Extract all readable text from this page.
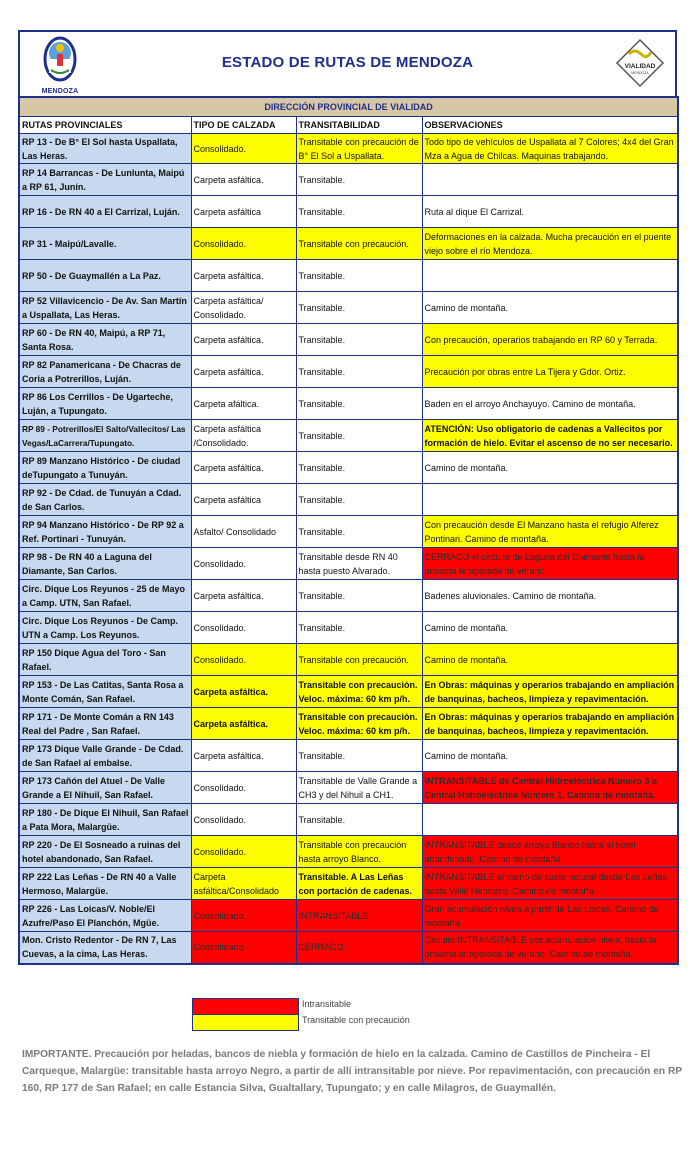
MENDOZA
ESTADO DE RUTAS DE MENDOZA	VIALIDAD
MENDOZA
DIRECCIÓN PROVINCIAL DE VIALIDAD			
RUTAS PROVINCIALES	TIPO DE CALZADA	TRANSITABILIDAD	OBSERVACIONES
RP 13 - De B° El Sol hasta Uspallata, Las Heras.	Consolidado.	Transitable con precaución de B° El Sol a Uspallata.	Todo tipo de vehículos de Uspallata al 7 Colores; 4x4 del Gran Mza a Agua de Chilcas. Maquinas trabajando.
RP 14 Barrancas - De Lunlunta, Maipú a RP 61, Junín.	Carpeta asfáltica.	Transitable.	
RP 16 - De RN 40 a El Carrizal, Luján.	Carpeta asfáltica	Transitable.	Ruta al dique El Carrizal.
RP 31 - Maipú/Lavalle.	Consolidado.	Transitable con precaución.	Deformaciones en la calzada. Mucha precaución en el puente viejo sobre el río Mendoza.
RP 50 - De Guaymallén a La Paz.	Carpeta asfáltica.	Transitable.	
RP 52 Villavicencio - De Av. San Martín a Uspallata, Las Heras.	Carpeta asfáltica/ Consolidado.	Transitable.	Camino de montaña.
RP 60 - De RN 40, Maipú, a RP 71, Santa Rosa.	Carpeta asfáltica.	Transitable.	Con precaución, operarios trabajando en RP 60 y Terrada.
RP 82 Panamericana - De Chacras de Coria a Potrerillos, Luján.	Carpeta asfáltica.	Transitable.	Precaución por obras entre La Tijera y Gdor. Ortiz.
RP 86 Los Cerrillos - De Ugarteche, Luján, a Tupungato.	Carpeta afáltica.	Transitable.	Baden en el arroyo Anchayuyo. Camino de montaña.
RP 89 - Potrerillos/El Salto/Vallecitos/ Las Vegas/LaCarrera/Tupungato.	Carpeta asfáltica /Consolidado.	Transitable.	ATENCIÓN: Uso obligatorio de cadenas a Vallecitos por formación de hielo. Evitar el ascenso de no ser necesario.
RP 89 Manzano Histórico - De ciudad deTupungato a Tunuyán.	Carpeta asfáltica.	Transitable.	Camino de montaña.
RP 92 - De Cdad. de Tunuyán a Cdad. de San Carlos.	Carpeta asfáltica	Transitable.	
RP 94 Manzano Histórico - De RP 92 a Ref. Portinari - Tunuyán.	Asfalto/ Consolidado	Transitable.	Con precaución desde El Manzano hasta el refugio Alferez Pontinari. Camino de montaña.
RP 98 - De RN 40 a Laguna del Diamante, San Carlos.	Consolidado.	Transitable desde RN 40 hasta puesto Alvarado.	CERRADO el circuito de Laguna del Diamante hasta la próxima temporada de verano.
Circ. Dique Los Reyunos - 25 de Mayo a Camp. UTN, San Rafael.	Carpeta asfáltica.	Transitable.	Badenes aluvionales. Camino de montaña.
Circ. Dique Los Reyunos - De Camp. UTN a Camp. Los Reyunos.	Consolidado.	Transitable.	Camino de montaña.
RP 150 Dique Agua del Toro - San Rafael.	Consolidado.	Transitable con precaución.	Camino de montaña.
RP 153 - De Las Catitas, Santa Rosa a Monte Comán, San Rafael.	Carpeta asfáltica.	Transitable con precaución. Veloc. máxima: 60 km p/h.	En Obras: máquinas y operarios trabajando en ampliación de banquinas, bacheos, limpieza y repavimentación.
RP 171 - De Monte Comán a RN 143 Real del Padre , San Rafael.	Carpeta asfáltica.	Transitable con precaución. Veloc. máxima: 60 km p/h.	En Obras: máquinas y operarios trabajando en ampliación de banquinas, bacheos, limpieza y repavimentación.
RP 173 Dique Valle Grande - De Cdad. de San Rafael al embalse.	Carpeta asfáltica.	Transitable.	Camino de montaña.
RP 173 Cañón del Atuel - De Valle Grande a El Nihuil, San Rafael.	Consolidado.	Transitable de Valle Grande a CH3 y del Nihuil a CH1.	INTRANSITABLE de Central Hidroeléctrica Número 3 a Central Hidroeléctrica Número 1. Camino de montaña.
RP 180 - De Dique El Nihuil, San Rafael a Pata Mora, Malargüe.	Consolidado.	Transitable.	
RP 220 - De El Sosneado a ruinas del hotel abandonado, San Rafael.	Consolidado.	Transitable con precaución hasta arroyo Blanco.	INTRANSITABLE desde arroyo Blanco hasta el hotel abandonado. Camino de montaña.
RP 222 Las Leñas - De RN 40 a Valle Hermoso, Malargüe.	Carpeta asfáltica/Consolidado	Transitable. A Las Leñas con portación de cadenas.	INTRANSITABLE el tramo de suelo natural desde Las Leñas hasta Valle Hermoso. Camino de montaña.
RP 226 - Las Loicas/V. Noble/El Azufre/Paso El Planchón, Mgüe.	Consolidado.	INTRANSITABLE.	Gran acumulación nivea a partir de Las Loicas. Camino de montaña.
Mon. Cristo Redentor - De RN 7, Las Cuevas, a la cima, Las Heras.	Consolidado.	CERRADO.	Circuito INTRANSITABLE por acumulación nivea, hasta la próxima temporada de verano. Camino de montaña.
Intransitable
Transitable con precaución
IMPORTANTE. Precaución por heladas, bancos de niebla y formación de hielo en la calzada. Camino de Castillos de Pincheira - El Carqueque, Malargüe: transitable hasta arroyo Negro, a partir de allí intransitable por nieve. Por repavimentación, con precaución en RP 160, RP 177 de San Rafael; en calle Estancia Silva, Gualtallary, Tupungato; y en calle Milagros, de Guaymallén.
